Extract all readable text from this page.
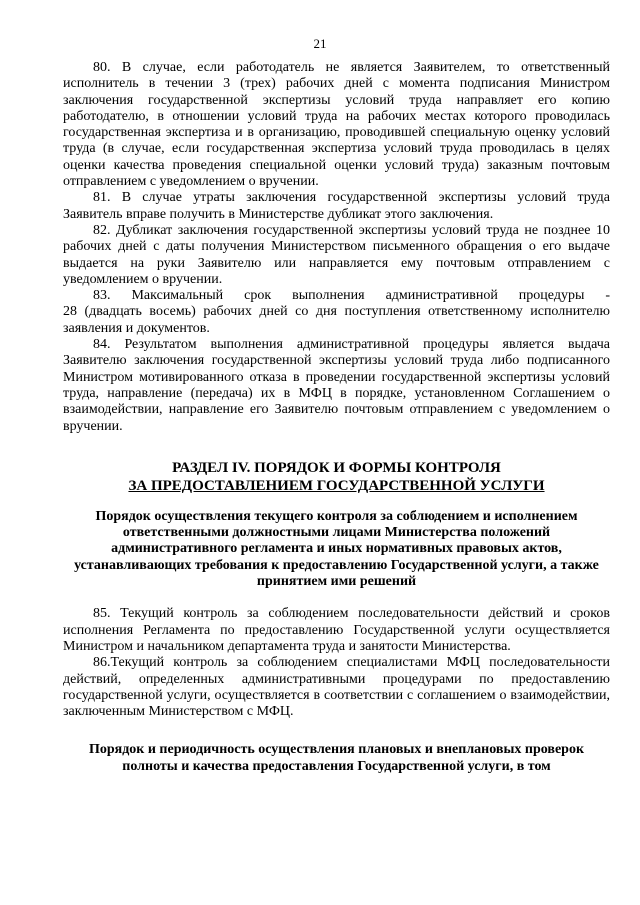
21

80. В случае, если работодатель не является Заявителем, то ответственный исполнитель в течении 3 (трех) рабочих дней с момента подписания Министром заключения государственной экспертизы условий труда направляет его копию работодателю, в отношении условий труда на рабочих местах которого проводилась государственная экспертиза и в организацию, проводившей специальную оценку условий труда (в случае, если государственная экспертиза условий труда проводилась в целях оценки качества проведения специальной оценки условий труда) заказным почтовым отправлением с уведомлением о вручении.

81. В случае утраты заключения государственной экспертизы условий труда Заявитель вправе получить в Министерстве дубликат этого заключения.

82. Дубликат заключения государственной экспертизы условий труда не позднее 10 рабочих дней с даты получения Министерством письменного обращения о его выдаче выдается на руки Заявителю или направляется ему почтовым отправлением с уведомлением о вручении.

83. Максимальный срок выполнения административной процедуры -

28 (двадцать восемь) рабочих дней со дня поступления ответственному исполнителю заявления и документов.

84. Результатом выполнения административной процедуры является выдача Заявителю заключения государственной экспертизы условий труда либо подписанного Министром мотивированного отказа в проведении государственной экспертизы условий труда, направление (передача) их в МФЦ в порядке, установленном Соглашением о взаимодействии, направление его Заявителю почтовым отправлением с уведомлением о вручении.

РАЗДЕЛ IV. ПОРЯДОК И ФОРМЫ КОНТРОЛЯ
ЗА ПРЕДОСТАВЛЕНИЕМ ГОСУДАРСТВЕННОЙ УСЛУГИ

Порядок осуществления текущего контроля за соблюдением и исполнением ответственными должностными лицами Министерства положений административного регламента и иных нормативных правовых актов, устанавливающих требования к предоставлению Государственной услуги, а также принятием ими решений

85. Текущий контроль за соблюдением последовательности действий и сроков исполнения Регламента по предоставлению Государственной услуги осуществляется Министром и начальником департамента труда и занятости Министерства.

86.Текущий контроль за соблюдением специалистами МФЦ последовательности действий, определенных административными процедурами по предоставлению государственной услуги, осуществляется в соответствии с соглашением о взаимодействии, заключенным Министерством с МФЦ.

Порядок и периодичность осуществления плановых и внеплановых проверок полноты и качества предоставления Государственной услуги, в том
